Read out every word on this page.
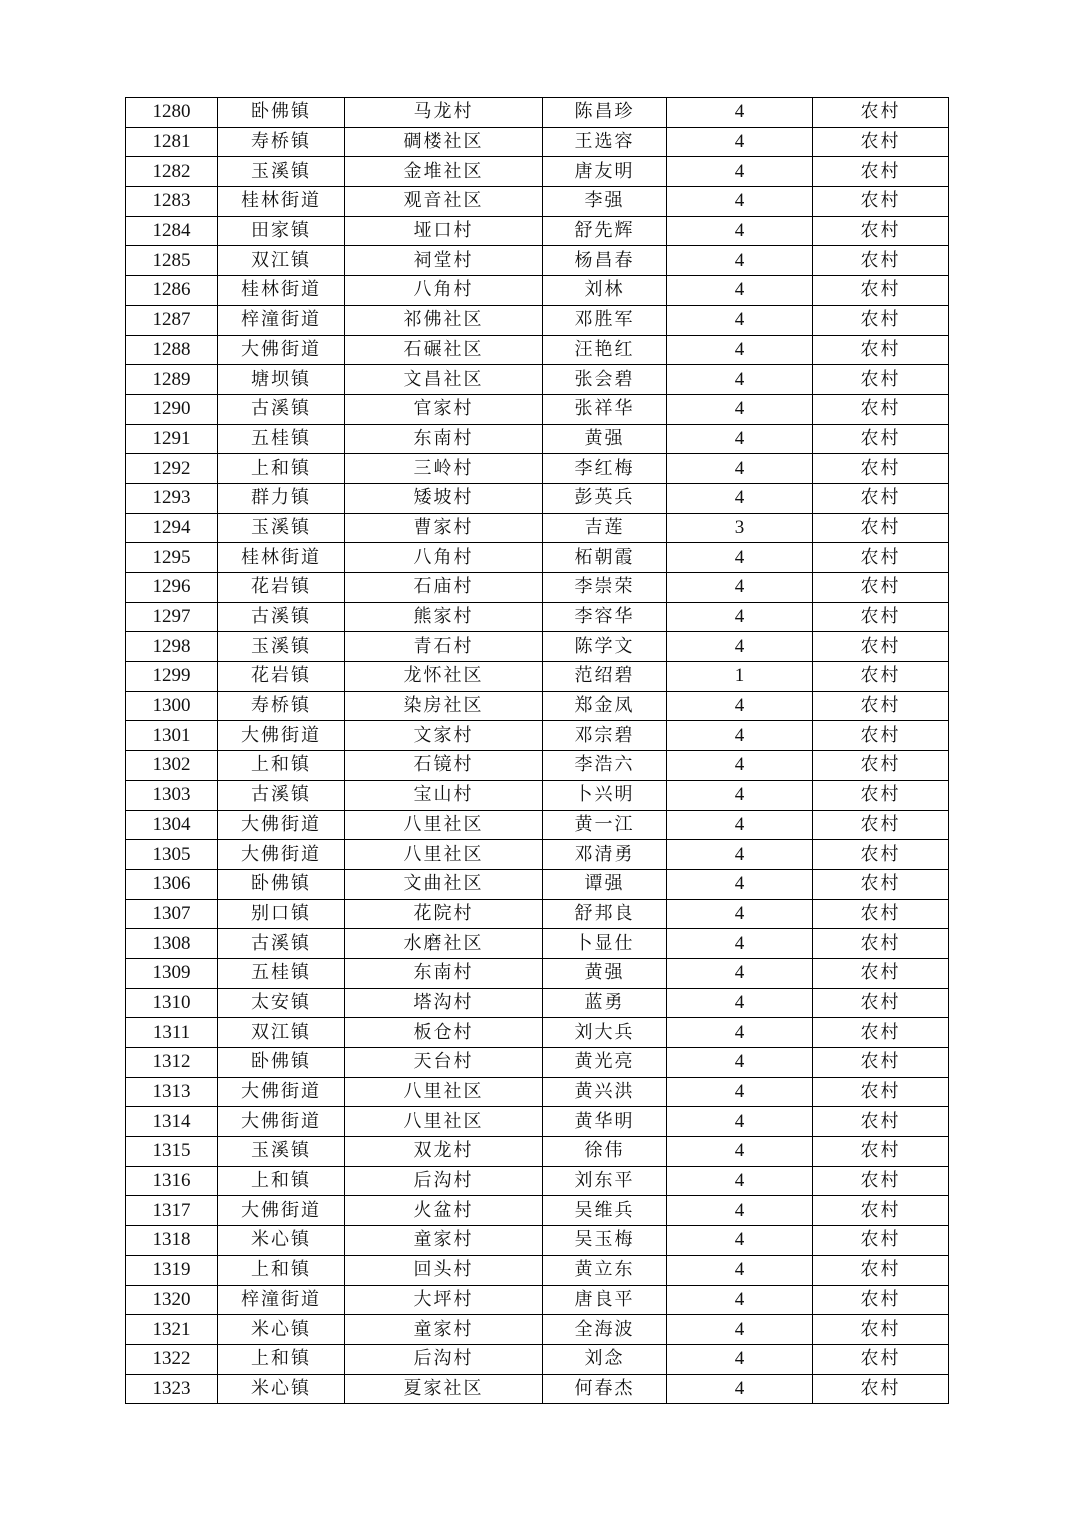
1280	卧佛镇	马龙村	陈昌珍	4	农村
1281	寿桥镇	碉楼社区	王选容	4	农村
1282	玉溪镇	金堆社区	唐友明	4	农村
1283	桂林街道	观音社区	李强	4	农村
1284	田家镇	垭口村	舒先辉	4	农村
1285	双江镇	祠堂村	杨昌春	4	农村
1286	桂林街道	八角村	刘林	4	农村
1287	梓潼街道	祁佛社区	邓胜军	4	农村
1288	大佛街道	石碾社区	汪艳红	4	农村
1289	塘坝镇	文昌社区	张会碧	4	农村
1290	古溪镇	官家村	张祥华	4	农村
1291	五桂镇	东南村	黄强	4	农村
1292	上和镇	三岭村	李红梅	4	农村
1293	群力镇	矮坡村	彭英兵	4	农村
1294	玉溪镇	曹家村	吉莲	3	农村
1295	桂林街道	八角村	柘朝霞	4	农村
1296	花岩镇	石庙村	李崇荣	4	农村
1297	古溪镇	熊家村	李容华	4	农村
1298	玉溪镇	青石村	陈学文	4	农村
1299	花岩镇	龙怀社区	范绍碧	1	农村
1300	寿桥镇	染房社区	郑金凤	4	农村
1301	大佛街道	文家村	邓宗碧	4	农村
1302	上和镇	石镜村	李浩六	4	农村
1303	古溪镇	宝山村	卜兴明	4	农村
1304	大佛街道	八里社区	黄一江	4	农村
1305	大佛街道	八里社区	邓清勇	4	农村
1306	卧佛镇	文曲社区	谭强	4	农村
1307	别口镇	花院村	舒邦良	4	农村
1308	古溪镇	水磨社区	卜显仕	4	农村
1309	五桂镇	东南村	黄强	4	农村
1310	太安镇	塔沟村	蓝勇	4	农村
1311	双江镇	板仓村	刘大兵	4	农村
1312	卧佛镇	天台村	黄光亮	4	农村
1313	大佛街道	八里社区	黄兴洪	4	农村
1314	大佛街道	八里社区	黄华明	4	农村
1315	玉溪镇	双龙村	徐伟	4	农村
1316	上和镇	后沟村	刘东平	4	农村
1317	大佛街道	火盆村	吴维兵	4	农村
1318	米心镇	童家村	吴玉梅	4	农村
1319	上和镇	回头村	黄立东	4	农村
1320	梓潼街道	大坪村	唐良平	4	农村
1321	米心镇	童家村	全海波	4	农村
1322	上和镇	后沟村	刘念	4	农村
1323	米心镇	夏家社区	何春杰	4	农村
